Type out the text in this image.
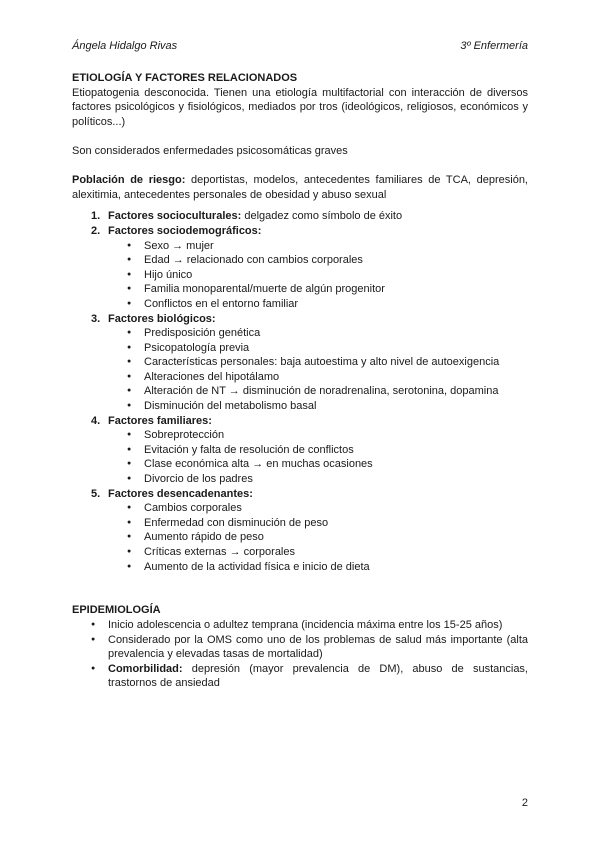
Ángela Hidalgo Rivas	3º Enfermería

ETIOLOGÍA Y FACTORES RELACIONADOS

Etiopatogenia desconocida. Tienen una etiología multifactorial con interacción de diversos factores psicológicos y fisiológicos, mediados por tros (ideológicos, religiosos, económicos y políticos...)

Son considerados enfermedades psicosomáticas graves

Población de riesgo: deportistas, modelos, antecedentes familiares de TCA, depresión, alexitimia, antecedentes personales de obesidad y abuso sexual

1. Factores socioculturales: delgadez como símbolo de éxito
2. Factores sociodemográficos:
● Sexo → mujer
● Edad → relacionado con cambios corporales
● Hijo único
● Familia monoparental/muerte de algún progenitor
● Conflictos en el entorno familiar
3. Factores biológicos:
● Predisposición genética
● Psicopatología previa
● Características personales: baja autoestima y alto nivel de autoexigencia
● Alteraciones del hipotálamo
● Alteración de NT → disminución de noradrenalina, serotonina, dopamina
● Disminución del metabolismo basal
4. Factores familiares:
● Sobreprotección
● Evitación y falta de resolución de conflictos
● Clase económica alta → en muchas ocasiones
● Divorcio de los padres
5. Factores desencadenantes:
● Cambios corporales
● Enfermedad con disminución de peso
● Aumento rápido de peso
● Críticas externas → corporales
● Aumento de la actividad física e inicio de dieta

EPIDEMIOLOGÍA

● Inicio adolescencia o adultez temprana (incidencia máxima entre los 15-25 años)
● Considerado por la OMS como uno de los problemas de salud más importante (alta prevalencia y elevadas tasas de mortalidad)
● Comorbilidad: depresión (mayor prevalencia de DM), abuso de sustancias, trastornos de ansiedad
2
